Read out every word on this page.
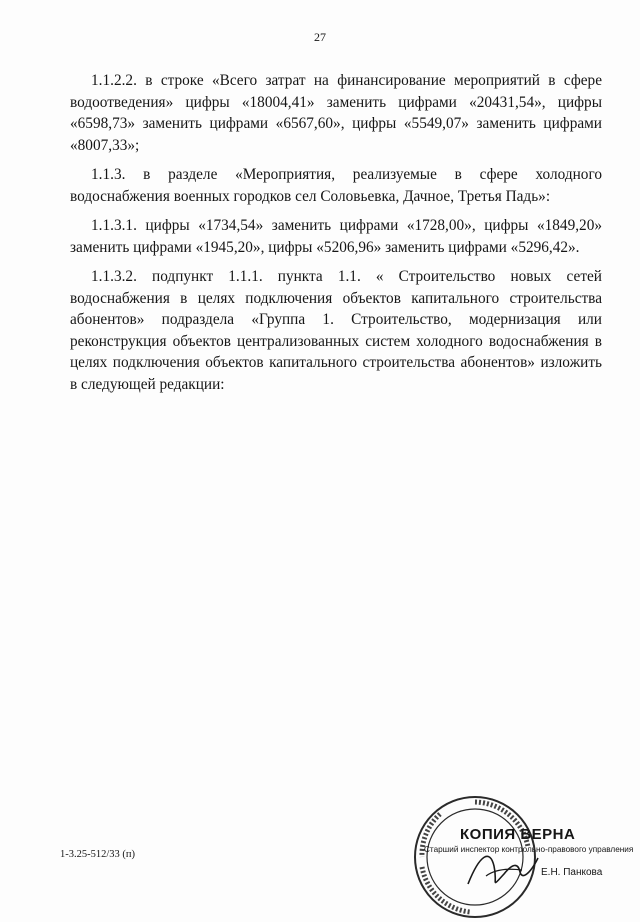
27

1.1.2.2. в строке «Всего затрат на финансирование мероприятий в сфере водоотведения» цифры «18004,41» заменить цифрами «20431,54», цифры «6598,73» заменить цифрами «6567,60», цифры «5549,07» заменить цифрами «8007,33»;

1.1.3. в разделе «Мероприятия, реализуемые в сфере холодного водоснабжения военных городков сел Соловьевка, Дачное, Третья Падь»:

1.1.3.1. цифры «1734,54» заменить цифрами «1728,00», цифры «1849,20» заменить цифрами «1945,20», цифры «5206,96» заменить цифрами «5296,42».

1.1.3.2. подпункт 1.1.1. пункта 1.1. « Строительство новых сетей водоснабжения в целях подключения объектов капитального строительства абонентов» подраздела «Группа 1. Строительство, модернизация или реконструкция объектов централизованных систем холодного водоснабжения в целях подключения объектов капитального строительства абонентов» изложить в следующей редакции:

1-3.25-512/33 (п)
КОПИЯ ВЕРНА
Старший инспектор контрольно-правового управления
Е.Н. Панкова
